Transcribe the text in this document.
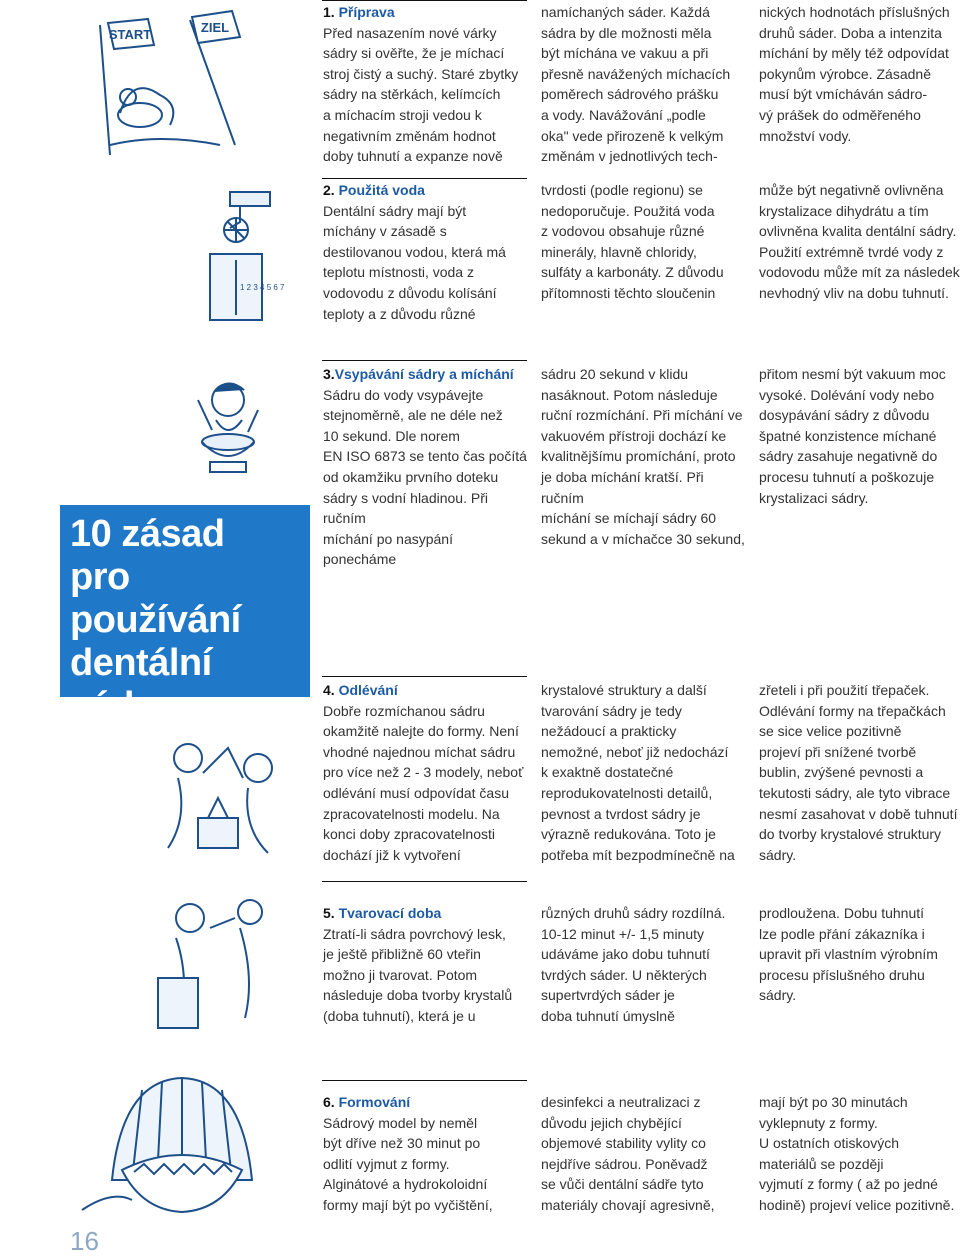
START	ZIEL
1 2 3 4 5 6 7
10 zásad
pro používání
dentální
sádry
1. Příprava
Před nasazením nové várky
sádry si ověřte, že je míchací
stroj čistý a suchý. Staré zbytky
sádry na stěrkách, kelímcích
a míchacím stroji vedou k
negativním změnám hodnot
doby tuhnutí a expanze nově
namíchaných sáder. Každá
sádra by dle možnosti měla
být míchána ve vakuu a při
přesně navážených míchacích
poměrech sádrového prášku
a vody. Navážování „podle
oka" vede přirozeně k velkým
změnám v jednotlivých tech-
nických hodnotách příslušných
druhů sáder. Doba a intenzita
míchání by měly též odpovídat
pokynům výrobce. Zásadně
musí být vmícháván sádro-
vý prášek do odměřeného
množství vody.
2. Použitá voda
Dentální sádry mají být
míchány v zásadě s
destilovanou vodou, která má
teplotu místnosti, voda z
vodovodu z důvodu kolísání
teploty a z důvodu různé
tvrdosti (podle regionu) se
nedoporučuje. Použitá voda
z vodovou obsahuje různé
minerály, hlavně chloridy,
sulfáty a karbonáty. Z důvodu
přítomnosti těchto sloučenin
může být negativně ovlivněna
krystalizace dihydrátu a tím
ovlivněna kvalita dentální sádry.
Použití extrémně tvrdé vody z
vodovodu může mít za následek
nevhodný vliv na dobu tuhnutí.
3.Vsypávání sádry a míchání
Sádru do vody vsypávejte
stejnoměrně, ale ne déle než
10 sekund. Dle norem
EN ISO 6873 se tento čas počítá
od okamžiku prvního doteku
sádry s vodní hladinou. Při ručním
míchání po nasypání ponecháme
sádru 20 sekund v klidu
nasáknout. Potom následuje
ruční rozmíchání. Při míchání ve
vakuovém přístroji dochází ke
kvalitnějšímu promíchání, proto
je doba míchání kratší. Při ručním
míchání se míchají sádry 60
sekund a v míchačce 30 sekund,
přitom nesmí být vakuum moc
vysoké. Dolévání vody nebo
dosypávání sádry z důvodu
špatné konzistence míchané
sádry zasahuje negativně do
procesu tuhnutí a poškozuje
krystalizaci sádry.
4. Odlévání
Dobře rozmíchanou sádru
okamžitě nalejte do formy. Není
vhodné najednou míchat sádru
pro více než 2 - 3 modely, neboť
odlévání musí odpovídat času
zpracovatelnosti modelu. Na
konci doby zpracovatelnosti
dochází již k vytvoření
krystalové struktury a další
tvarování sádry je tedy
nežádoucí a prakticky
nemožné, neboť již nedochází
k exaktně dostatečné
reprodukovatelnosti detailů,
pevnost a tvrdost sádry je
výrazně redukována. Toto je
potřeba mít bezpodmínečně na
zřeteli i při použití třepaček.
Odlévání formy na třepačkách
se sice velice pozitivně
projeví při snížené tvorbě
bublin, zvýšené pevnosti a
tekutosti sádry, ale tyto vibrace
nesmí zasahovat v době tuhnutí
do tvorby krystalové struktury
sádry.
5. Tvarovací doba
Ztratí-li sádra povrchový lesk,
je ještě přibližně 60 vteřin
možno ji tvarovat. Potom
následuje doba tvorby krystalů
(doba tuhnutí), která je u
různých druhů sádry rozdílná.
10-12 minut +/- 1,5 minuty
udáváme jako dobu tuhnutí
tvrdých sáder. U některých
supertvrdých sáder je
doba tuhnutí úmyslně
prodloužena. Dobu tuhnutí
lze podle přání zákazníka i
upravit při vlastním výrobním
procesu příslušného druhu
sádry.
6. Formování
Sádrový model by neměl
být dříve než 30 minut po
odlití vyjmut z formy.
Alginátové a hydrokoloidní
formy mají být po vyčištění,
desinfekci a neutralizaci z
důvodu jejich chybějící
objemové stability vylity co
nejdříve sádrou. Poněvadž
se vůči dentální sádře tyto
materiály chovají agresivně,
mají být po 30 minutách
vyklepnuty z formy.
U ostatních otiskových
materiálů se později
vyjmutí z formy ( až po jedné
hodině) projeví velice pozitivně.
16
